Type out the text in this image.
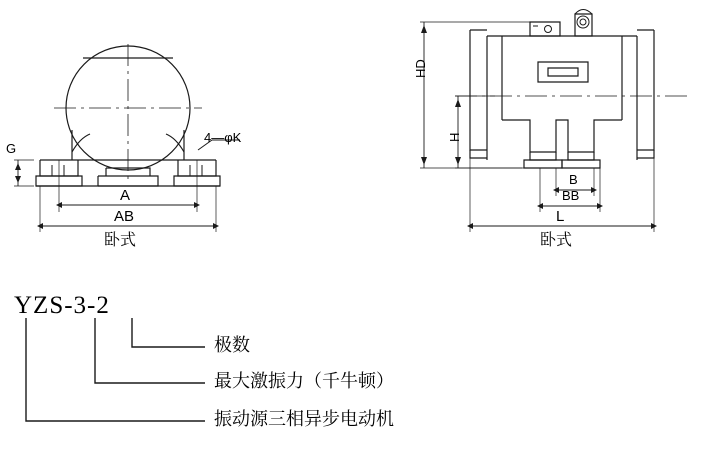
G
A
AB
4—φK
卧式
HD
H
B
BB
L
卧式
YZS-3-2
极数
最大激振力（千牛顿）
振动源三相异步电动机
